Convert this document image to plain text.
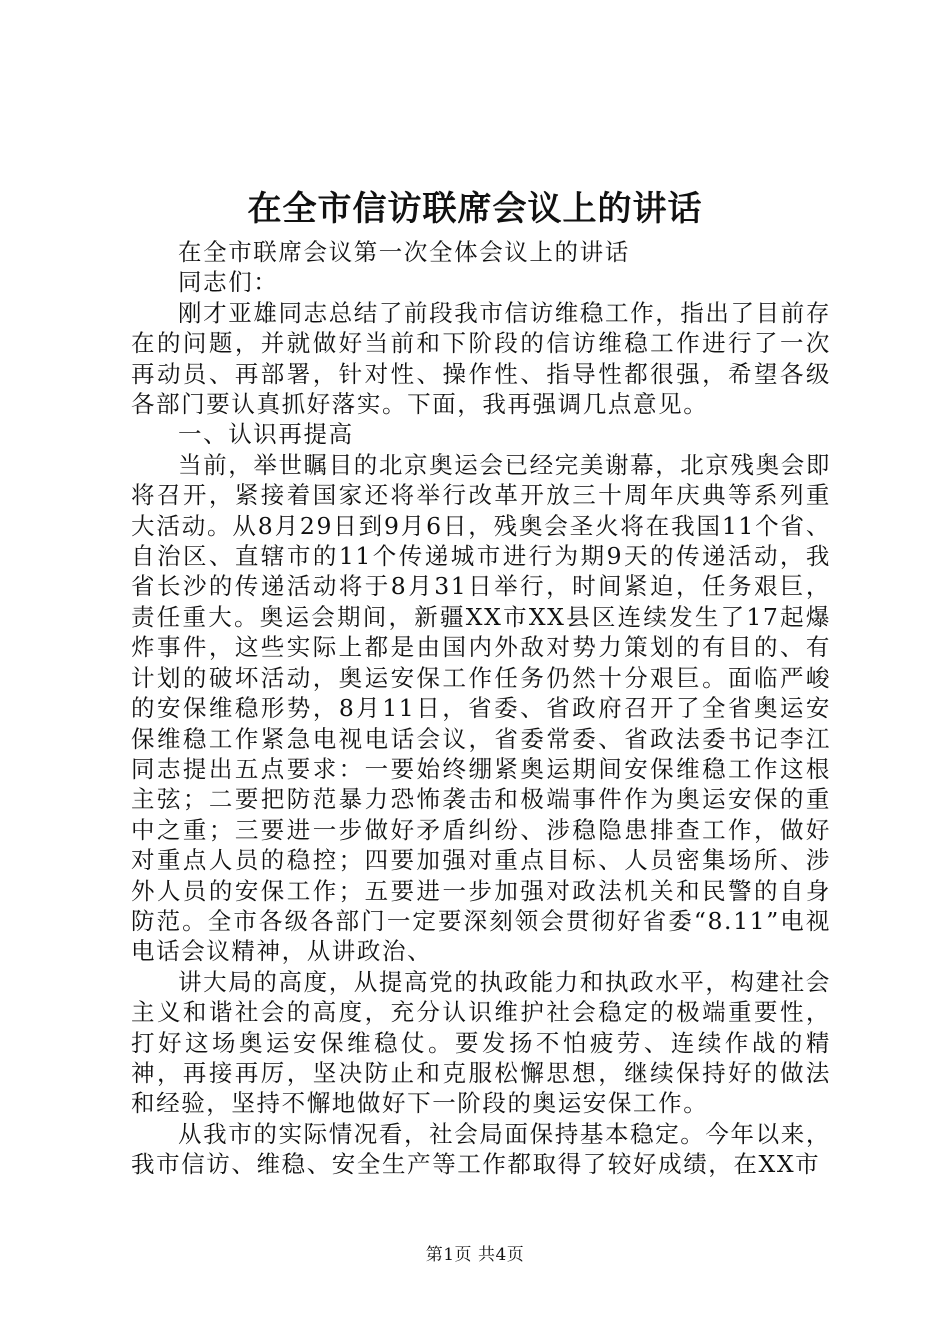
在全市信访联席会议上的讲话

在全市联席会议第一次全体会议上的讲话

同志们：

刚才亚雄同志总结了前段我市信访维稳工作，指出了目前存在的问题，并就做好当前和下阶段的信访维稳工作进行了一次再动员、再部署，针对性、操作性、指导性都很强，希望各级各部门要认真抓好落实。下面，我再强调几点意见。

一、认识再提高

当前，举世瞩目的北京奥运会已经完美谢幕，北京残奥会即将召开，紧接着国家还将举行改革开放三十周年庆典等系列重大活动。从8月29日到9月6日，残奥会圣火将在我国11个省、自治区、直辖市的11个传递城市进行为期9天的传递活动，我省长沙的传递活动将于8月31日举行，时间紧迫，任务艰巨，责任重大。奥运会期间，新疆XX市XX县区连续发生了17起爆炸事件，这些实际上都是由国内外敌对势力策划的有目的、有计划的破坏活动，奥运安保工作任务仍然十分艰巨。面临严峻的安保维稳形势，8月11日，省委、省政府召开了全省奥运安保维稳工作紧急电视电话会议，省委常委、省政法委书记李江同志提出五点要求：一要始终绷紧奥运期间安保维稳工作这根主弦；二要把防范暴力恐怖袭击和极端事件作为奥运安保的重中之重；三要进一步做好矛盾纠纷、涉稳隐患排查工作，做好对重点人员的稳控；四要加强对重点目标、人员密集场所、涉外人员的安保工作；五要进一步加强对政法机关和民警的自身防范。全市各级各部门一定要深刻领会贯彻好省委“8.11”电视电话会议精神，从讲政治、

讲大局的高度，从提高党的执政能力和执政水平，构建社会主义和谐社会的高度，充分认识维护社会稳定的极端重要性，打好这场奥运安保维稳仗。要发扬不怕疲劳、连续作战的精神，再接再厉，坚决防止和克服松懈思想，继续保持好的做法和经验，坚持不懈地做好下一阶段的奥运安保工作。

从我市的实际情况看，社会局面保持基本稳定。今年以来，我市信访、维稳、安全生产等工作都取得了较好成绩，在XX市

第1页 共4页
